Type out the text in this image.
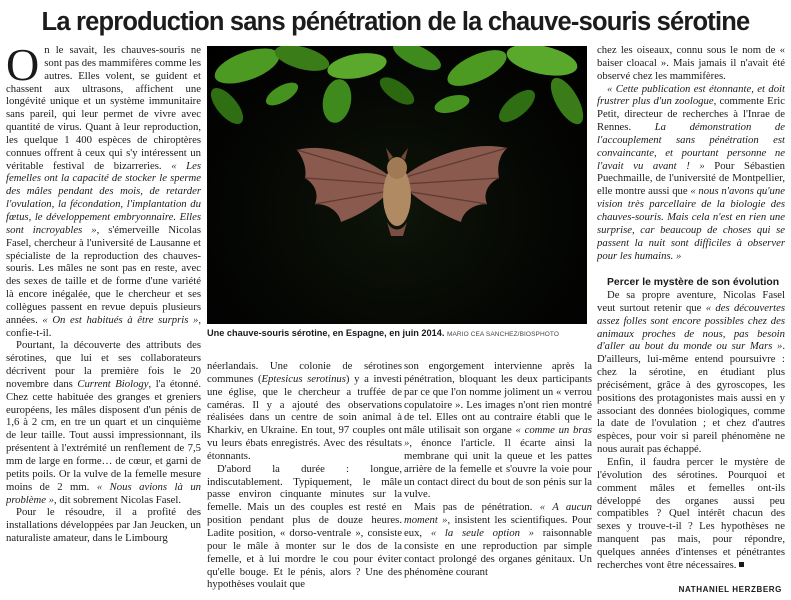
La reproduction sans pénétration de la chauve-souris sérotine

On le savait, les chauves-souris ne sont pas des mammifères comme les autres. Elles volent, se guident et chassent aux ultrasons, affichent une longévité unique et un système immunitaire sans pareil, qui leur permet de vivre avec quantité de virus. Quant à leur reproduction, les quelque 1 400 espèces de chiroptères connues offrent à ceux qui s'y intéressent un véritable festival de bizarreries. « Les femelles ont la capacité de stocker le sperme des mâles pendant des mois, de retarder l'ovulation, la fécondation, l'implantation du fœtus, le développement embryonnaire. Elles sont incroyables », s'émerveille Nicolas Fasel, chercheur à l'université de Lausanne et spécialiste de la reproduction des chauves-souris. Les mâles ne sont pas en reste, avec des sexes de taille et de forme d'une variété là encore inégalée, que le chercheur et ses collègues passent en revue depuis plusieurs années. « On est habitués à être surpris », confie-t-il.

Pourtant, la découverte des attributs des sérotines, que lui et ses collaborateurs décrivent pour la première fois le 20 novembre dans Current Biology, l'a étonné. Chez cette habituée des granges et greniers européens, les mâles disposent d'un pénis de 1,6 à 2 cm, en tre un quart et un cinquième de leur taille. Tout aussi impressionnant, ils présentent à l'extrémité un renflement de 7,5 mm de large en forme… de cœur, et garni de petits poils. Or la vulve de la femelle mesure moins de 2 mm. « Nous avions là un problème », dit sobrement Nicolas Fasel.

Pour le résoudre, il a profité des installations développées par Jan Jeucken, un naturaliste amateur, dans le Limbourg

Une chauve-souris sérotine, en Espagne, en juin 2014. MARIO CEA SANCHEZ/BIOSPHOTO

néerlandais. Une colonie de sérotines communes (Eptesicus serotinus) y a investi une église, que le chercheur a truffée de caméras. Il y a ajouté des observations réalisées dans un centre de soin animal à Kharkiv, en Ukraine. En tout, 97 couples ont vu leurs ébats enregistrés. Avec des résultats étonnants.

D'abord la durée : longue, indiscutablement. Typiquement, le mâle passe environ cinquante minutes sur la femelle. Mais un des couples est resté en position pendant plus de douze heures. Ladite position, « dorso-ventrale », consiste pour le mâle à monter sur le dos de la femelle, et à lui mordre le cou pour éviter qu'elle bouge. Et le pénis, alors ? Une des hypothèses voulait que

son engorgement intervienne après la pénétration, bloquant les deux participants par ce que l'on nomme joliment un « verrou copulatoire ». Les images n'ont rien montré de tel. Elles ont au contraire établi que le mâle utilisait son organe « comme un bras », énonce l'article. Il écarte ainsi la membrane qui unit la queue et les pattes arrière de la femelle et s'ouvre la voie pour un contact direct du bout de son pénis sur la vulve.

Mais pas de pénétration. « A aucun moment », insistent les scientifiques. Pour eux, « la seule option » raisonnable consiste en une reproduction par simple contact prolongé des organes génitaux. Un phénomène courant

chez les oiseaux, connu sous le nom de « baiser cloacal ». Mais jamais il n'avait été observé chez les mammifères.

« Cette publication est étonnante, et doit frustrer plus d'un zoologue, commente Eric Petit, directeur de recherches à l'Inrae de Rennes. La démonstration de l'accouplement sans pénétration est convaincante, et pourtant personne ne l'avait vu avant ! » Pour Sébastien Puechmaille, de l'université de Montpellier, elle montre aussi que « nous n'avons qu'une vision très parcellaire de la biologie des chauves-souris. Mais cela n'est en rien une surprise, car beaucoup de choses qui se passent la nuit sont difficiles à observer pour les humains. »

Percer le mystère de son évolution

De sa propre aventure, Nicolas Fasel veut surtout retenir que « des découvertes assez folles sont encore possibles chez des animaux proches de nous, pas besoin d'aller au bout du monde ou sur Mars ». D'ailleurs, lui-même entend poursuivre : chez la sérotine, en étudiant plus précisément, grâce à des gyroscopes, les positions des protagonistes mais aussi en y associant des données biologiques, comme la date de l'ovulation ; et chez d'autres espèces, pour voir si pareil phénomène ne nous aurait pas échappé.

Enfin, il faudra percer le mystère de l'évolution des sérotines. Pourquoi et comment mâles et femelles ont-ils développé des organes aussi peu compatibles ? Quel intérêt chacun des sexes y trouve-t-il ? Les hypothèses ne manquent pas mais, pour répondre, quelques années d'intenses et pénétrantes recherches vont être nécessaires.

NATHANIEL HERZBERG
